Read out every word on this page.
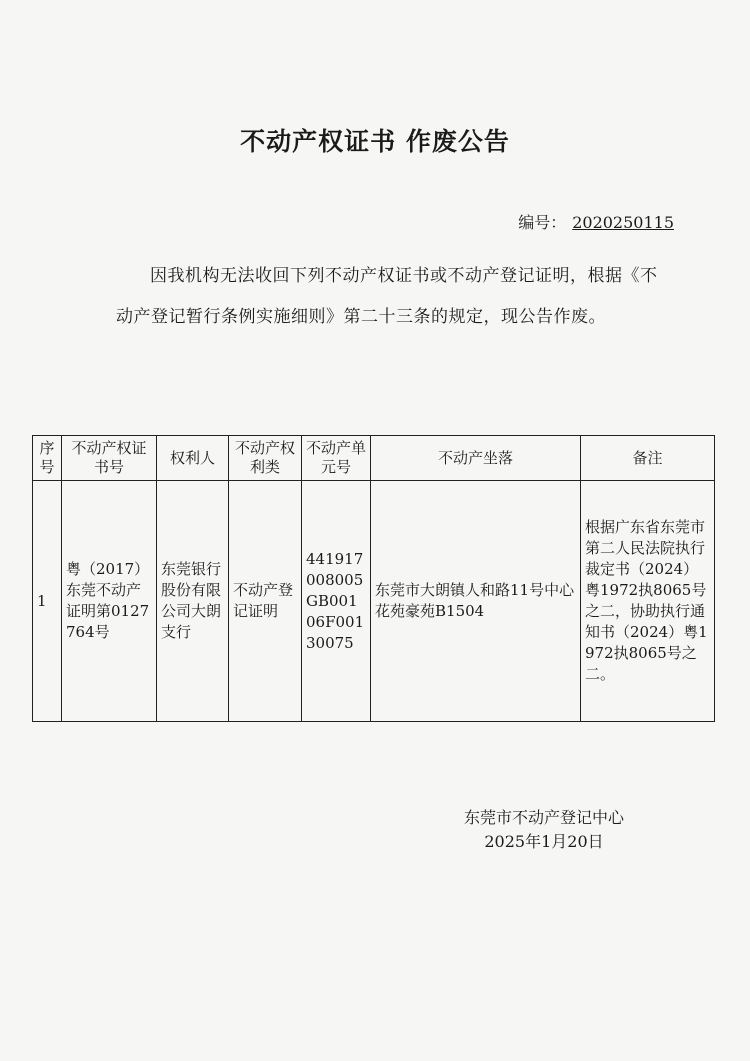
不动产权证书 作废公告
编号： 2020250115
因我机构无法收回下列不动产权证书或不动产登记证明，根据《不动产登记暂行条例实施细则》第二十三条的规定，现公告作废。
序号	不动产权证书号	权利人	不动产权利类	不动产单元号	不动产坐落	备注
1	粤（2017）东莞不动产证明第0127764号	东莞银行股份有限公司大朗支行	不动产登记证明	441917008005GB00106F00130075	东莞市大朗镇人和路11号中心花苑豪苑B1504	根据广东省东莞市第二人民法院执行裁定书（2024）粤1972执8065号之二，协助执行通知书（2024）粤1972执8065号之二。
东莞市不动产登记中心
2025年1月20日
